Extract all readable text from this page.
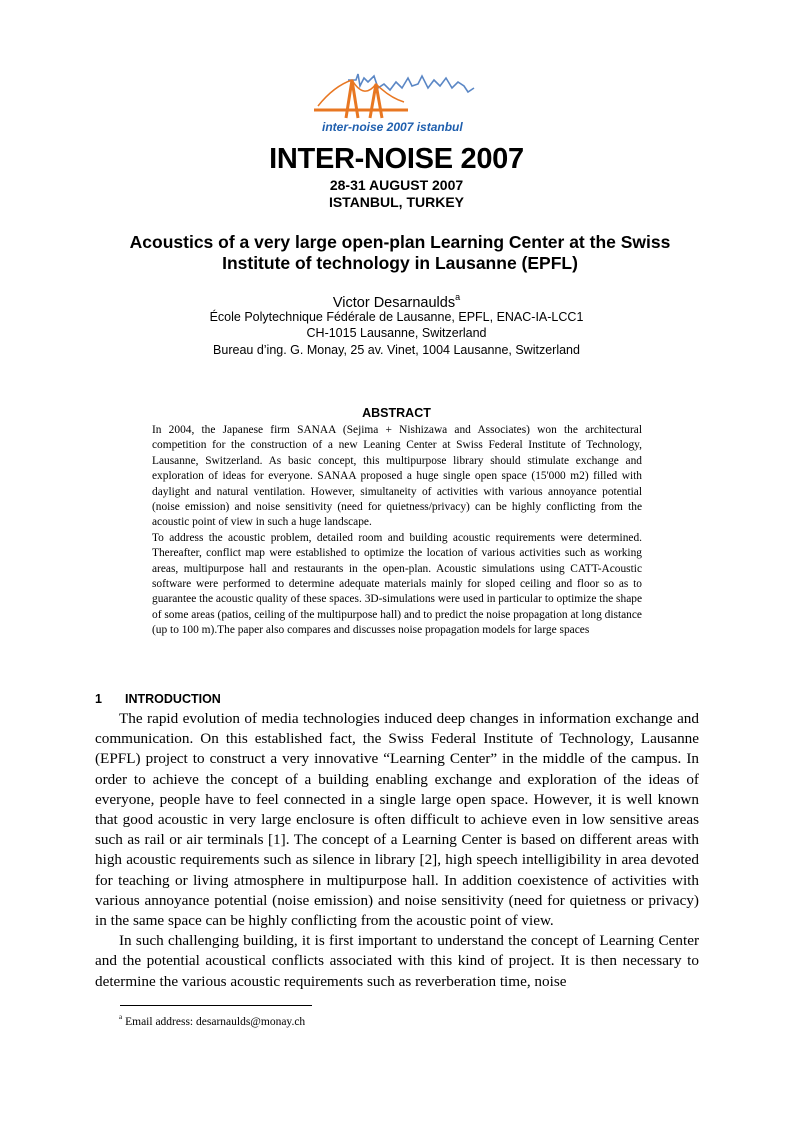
inter-noise 2007 istanbul
INTER-NOISE 2007
28-31 AUGUST 2007
ISTANBUL, TURKEY
Acoustics of a very large open-plan Learning Center at the Swiss Institute of technology in Lausanne (EPFL)
Victor Desarnaulds$^a$
École Polytechnique Fédérale de Lausanne, EPFL, ENAC-IA-LCC1
CH-1015 Lausanne, Switzerland
Bureau d’ing. G. Monay, 25 av. Vinet, 1004 Lausanne, Switzerland
ABSTRACT

In 2004, the Japanese firm SANAA (Sejima + Nishizawa and Associates) won the architectural competition for the construction of a new Leaning Center at Swiss Federal Institute of Technology, Lausanne, Switzerland. As basic concept, this multipurpose library should stimulate exchange and exploration of ideas for everyone. SANAA proposed a huge single open space (15'000 m2) filled with daylight and natural ventilation. However, simultaneity of activities with various annoyance potential (noise emission) and noise sensitivity (need for quietness/privacy) can be highly conflicting from the acoustic point of view in such a huge landscape.

To address the acoustic problem, detailed room and building acoustic requirements were determined. Thereafter, conflict map were established to optimize the location of various activities such as working areas, multipurpose hall and restaurants in the open-plan. Acoustic simulations using CATT-Acoustic software were performed to determine adequate materials mainly for sloped ceiling and floor so as to guarantee the acoustic quality of these spaces. 3D-simulations were used in particular to optimize the shape of some areas (patios, ceiling of the multipurpose hall) and to predict the noise propagation at long distance (up to 100 m).The paper also compares and discusses noise propagation models for large spaces

1 INTRODUCTION

The rapid evolution of media technologies induced deep changes in information exchange and communication. On this established fact, the Swiss Federal Institute of Technology, Lausanne (EPFL) project to construct a very innovative “Learning Center” in the middle of the campus. In order to achieve the concept of a building enabling exchange and exploration of the ideas of everyone, people have to feel connected in a single large open space. However, it is well known that good acoustic in very large enclosure is often difficult to achieve even in low sensitive areas such as rail or air terminals [1]. The concept of a Learning Center is based on different areas with high acoustic requirements such as silence in library [2], high speech intelligibility in area devoted for teaching or living atmosphere in multipurpose hall. In addition coexistence of activities with various annoyance potential (noise emission) and noise sensitivity (need for quietness or privacy) in the same space can be highly conflicting from the acoustic point of view.

In such challenging building, it is first important to understand the concept of Learning Center and the potential acoustical conflicts associated with this kind of project. It is then necessary to determine the various acoustic requirements such as reverberation time, noise

$^a$ Email address: desarnaulds@monay.ch
